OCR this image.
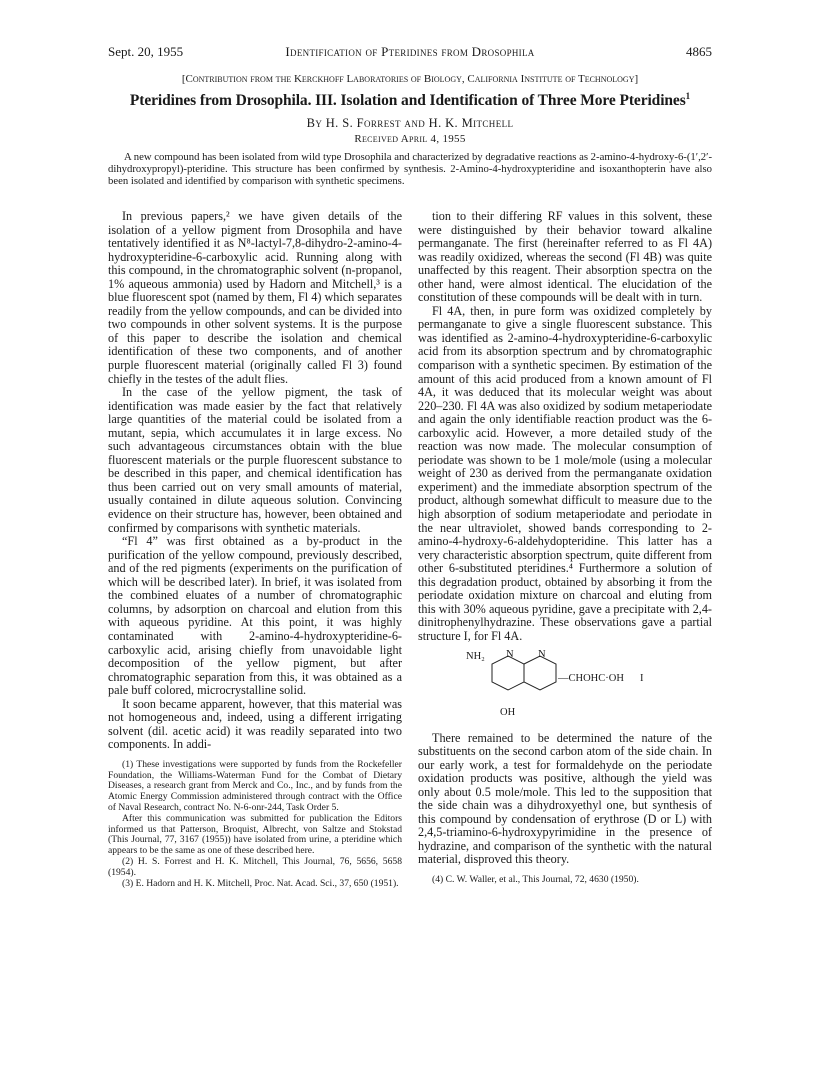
Sept. 20, 1955	Identification of Pteridines from Drosophila	4865
[Contribution from the Kerckhoff Laboratories of Biology, California Institute of Technology]
Pteridines from Drosophila. III. Isolation and Identification of Three More Pteridines$^1$
By H. S. Forrest and H. K. Mitchell
Received April 4, 1955
A new compound has been isolated from wild type Drosophila and characterized by degradative reactions as 2-amino-4-hydroxy-6-(1′,2′-dihydroxypropyl)-pteridine. This structure has been confirmed by synthesis. 2-Amino-4-hydroxypteridine and isoxanthopterin have also been isolated and identified by comparison with synthetic specimens.

In previous papers,² we have given details of the isolation of a yellow pigment from Drosophila and have tentatively identified it as N⁸-lactyl-7,8-dihydro-2-amino-4-hydroxypteridine-6-carboxylic acid. Running along with this compound, in the chromatographic solvent (n-propanol, 1% aqueous ammonia) used by Hadorn and Mitchell,³ is a blue fluorescent spot (named by them, Fl 4) which separates readily from the yellow compounds, and can be divided into two compounds in other solvent systems. It is the purpose of this paper to describe the isolation and chemical identification of these two components, and of another purple fluorescent material (originally called Fl 3) found chiefly in the testes of the adult flies.

In the case of the yellow pigment, the task of identification was made easier by the fact that relatively large quantities of the material could be isolated from a mutant, sepia, which accumulates it in large excess. No such advantageous circumstances obtain with the blue fluorescent materials or the purple fluorescent substance to be described in this paper, and chemical identification has thus been carried out on very small amounts of material, usually contained in dilute aqueous solution. Convincing evidence on their structure has, however, been obtained and confirmed by comparisons with synthetic materials.

“Fl 4” was first obtained as a by-product in the purification of the yellow compound, previously described, and of the red pigments (experiments on the purification of which will be described later). In brief, it was isolated from the combined eluates of a number of chromatographic columns, by adsorption on charcoal and elution from this with aqueous pyridine. At this point, it was highly contaminated with 2-amino-4-hydroxypteridine-6-carboxylic acid, arising chiefly from unavoidable light decomposition of the yellow pigment, but after chromatographic separation from this, it was obtained as a pale buff colored, microcrystalline solid.

It soon became apparent, however, that this material was not homogeneous and, indeed, using a different irrigating solvent (dil. acetic acid) it was readily separated into two components. In addi-

(1) These investigations were supported by funds from the Rockefeller Foundation, the Williams-Waterman Fund for the Combat of Dietary Diseases, a research grant from Merck and Co., Inc., and by funds from the Atomic Energy Commission administered through contract with the Office of Naval Research, contract No. N-6-onr-244, Task Order 5.

After this communication was submitted for publication the Editors informed us that Patterson, Broquist, Albrecht, von Saltze and Stokstad (This Journal, 77, 3167 (1955)) have isolated from urine, a pteridine which appears to be the same as one of these described here.

(2) H. S. Forrest and H. K. Mitchell, This Journal, 76, 5656, 5658 (1954).

(3) E. Hadorn and H. K. Mitchell, Proc. Nat. Acad. Sci., 37, 650 (1951).

tion to their differing RF values in this solvent, these were distinguished by their behavior toward alkaline permanganate. The first (hereinafter referred to as Fl 4A) was readily oxidized, whereas the second (Fl 4B) was quite unaffected by this reagent. Their absorption spectra on the other hand, were almost identical. The elucidation of the constitution of these compounds will be dealt with in turn.

Fl 4A, then, in pure form was oxidized completely by permanganate to give a single fluorescent substance. This was identified as 2-amino-4-hydroxypteridine-6-carboxylic acid from its absorption spectrum and by chromatographic comparison with a synthetic specimen. By estimation of the amount of this acid produced from a known amount of Fl 4A, it was deduced that its molecular weight was about 220–230. Fl 4A was also oxidized by sodium metaperiodate and again the only identifiable reaction product was the 6-carboxylic acid. However, a more detailed study of the reaction was now made. The molecular consumption of periodate was shown to be 1 mole/mole (using a molecular weight of 230 as derived from the permanganate oxidation experiment) and the immediate absorption spectrum of the product, although somewhat difficult to measure due to the high absorption of sodium metaperiodate and periodate in the near ultraviolet, showed bands corresponding to 2-amino-4-hydroxy-6-aldehydopteridine. This latter has a very characteristic absorption spectrum, quite different from other 6-substituted pteridines.⁴ Furthermore a solution of this degradation product, obtained by absorbing it from the periodate oxidation mixture on charcoal and eluting from this with 30% aqueous pyridine, gave a precipitate with 2,4-dinitrophenylhydrazine. These observations gave a partial structure I, for Fl 4A.

NH₂ N N
—CHOHC·OH I
OH

There remained to be determined the nature of the substituents on the second carbon atom of the side chain. In our early work, a test for formaldehyde on the periodate oxidation products was positive, although the yield was only about 0.5 mole/mole. This led to the supposition that the side chain was a dihydroxyethyl one, but synthesis of this compound by condensation of erythrose (D or L) with 2,4,5-triamino-6-hydroxypyrimidine in the presence of hydrazine, and comparison of the synthetic with the natural material, disproved this theory.

(4) C. W. Waller, et al., This Journal, 72, 4630 (1950).
